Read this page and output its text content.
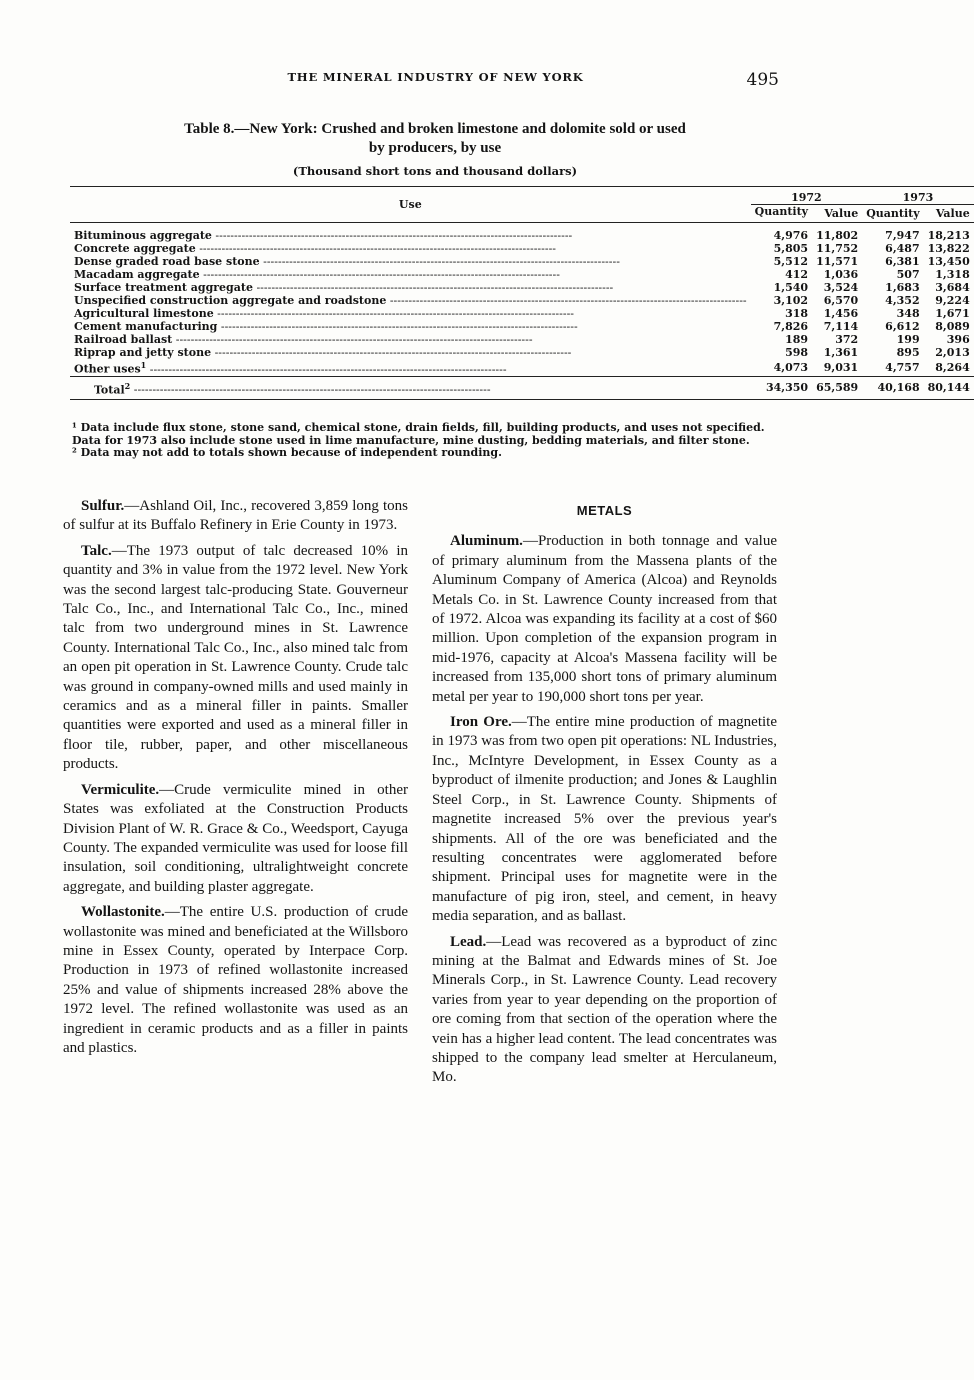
THE MINERAL INDUSTRY OF NEW YORK	495
Table 8.—New York: Crushed and broken limestone and dolomite sold or used
by producers, by use
(Thousand short tons and thousand dollars)
Use	1972		1973	
	Quantity	Value	Quantity	Value
Bituminous aggregate -----	4,976	11,802	7,947	18,213
Concrete aggregate -----	5,805	11,752	6,487	13,822
Dense graded road base stone -----	5,512	11,571	6,381	13,450
Macadam aggregate -----	412	1,036	507	1,318
Surface treatment aggregate -----	1,540	3,524	1,683	3,684
Unspecified construction aggregate and roadstone -----	3,102	6,570	4,352	9,224
Agricultural limestone -----	318	1,456	348	1,671
Cement manufacturing -----	7,826	7,114	6,612	8,089
Railroad ballast -----	189	372	199	396
Riprap and jetty stone -----	598	1,361	895	2,013
Other uses$^1$ -----	4,073	9,031	4,757	8,264
Total$^2$ -----	34,350	65,589	40,168	80,144

¹ Data include flux stone, stone sand, chemical stone, drain fields, fill, building products, and uses not specified. Data for 1973 also include stone used in lime manufacture, mine dusting, bedding materials, and filter stone.

² Data may not add to totals shown because of independent rounding.

Sulfur.—Ashland Oil, Inc., recovered 3,859 long tons of sulfur at its Buffalo Refinery in Erie County in 1973.

Talc.—The 1973 output of talc decreased 10% in quantity and 3% in value from the 1972 level. New York was the second largest talc-producing State. Gouverneur Talc Co., Inc., and International Talc Co., Inc., mined talc from two underground mines in St. Lawrence County. International Talc Co., Inc., also mined talc from an open pit operation in St. Lawrence County. Crude talc was ground in company-owned mills and used mainly in ceramics and as a mineral filler in paints. Smaller quantities were exported and used as a mineral filler in floor tile, rubber, paper, and other miscellaneous products.

Vermiculite.—Crude vermiculite mined in other States was exfoliated at the Construction Products Division Plant of W. R. Grace & Co., Weedsport, Cayuga County. The expanded vermiculite was used for loose fill insulation, soil conditioning, ultralightweight concrete aggregate, and building plaster aggregate.

Wollastonite.—The entire U.S. production of crude wollastonite was mined and beneficiated at the Willsboro mine in Essex County, operated by Interpace Corp. Production in 1973 of refined wollastonite increased 25% and value of shipments increased 28% above the 1972 level. The refined wollastonite was used as an ingredient in ceramic products and as a filler in paints and plastics.

METALS

Aluminum.—Production in both tonnage and value of primary aluminum from the Massena plants of the Aluminum Company of America (Alcoa) and Reynolds Metals Co. in St. Lawrence County increased from that of 1972. Alcoa was expanding its facility at a cost of $60 million. Upon completion of the expansion program in mid-1976, capacity at Alcoa's Massena facility will be increased from 135,000 short tons of primary aluminum metal per year to 190,000 short tons per year.

Iron Ore.—The entire mine production of magnetite in 1973 was from two open pit operations: NL Industries, Inc., McIntyre Development, in Essex County as a byproduct of ilmenite production; and Jones & Laughlin Steel Corp., in St. Lawrence County. Shipments of magnetite increased 5% over the previous year's shipments. All of the ore was beneficiated and the resulting concentrates were agglomerated before shipment. Principal uses for magnetite were in the manufacture of pig iron, steel, and cement, in heavy media separation, and as ballast.

Lead.—Lead was recovered as a byproduct of zinc mining at the Balmat and Edwards mines of St. Joe Minerals Corp., in St. Lawrence County. Lead recovery varies from year to year depending on the proportion of ore coming from that section of the operation where the vein has a higher lead content. The lead concentrates was shipped to the company lead smelter at Herculaneum, Mo.
